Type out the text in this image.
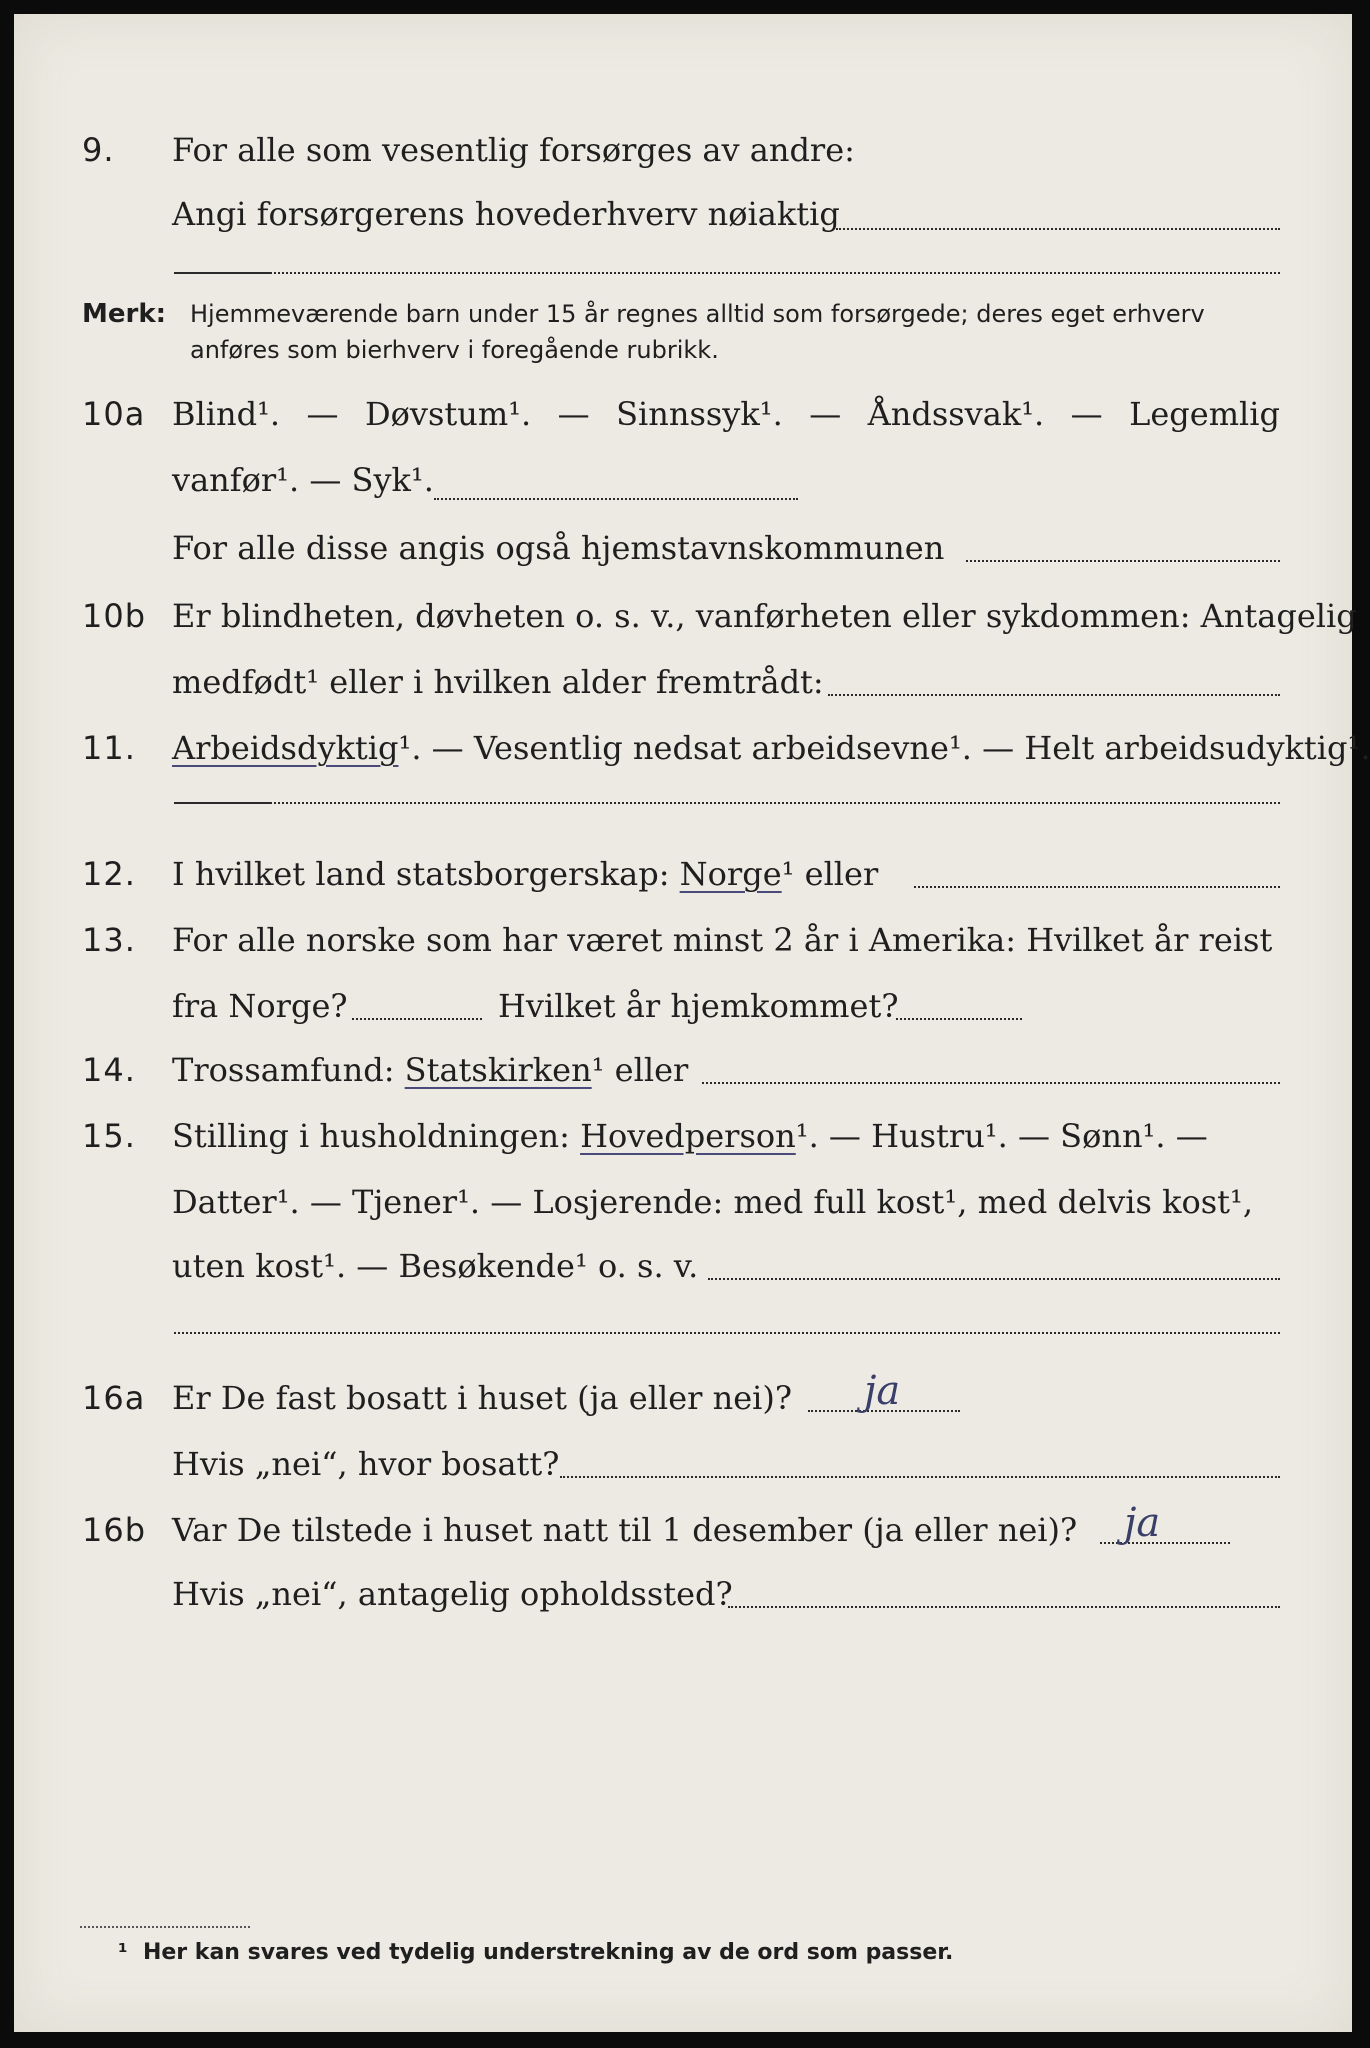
9. For alle som vesentlig forsørges av andre:
Angi forsørgerens hovederhverv nøiaktig
Merk: Hjemmeværende barn under 15 år regnes alltid som forsørgede; deres eget erhverv
anføres som bierhverv i foregående rubrikk.
10a Blind¹. — Døvstum¹. — Sinnssyk¹. — Åndssvak¹. — Legemlig
vanfør¹. — Syk¹.
For alle disse angis også hjemstavnskommunen
10b Er blindheten, døvheten o. s. v., vanførheten eller sykdommen: Antagelig
medfødt¹ eller i hvilken alder fremtrådt:
11. Arbeidsdyktig¹. — Vesentlig nedsat arbeidsevne¹. — Helt arbeidsudyktig¹.
12. I hvilket land statsborgerskap: Norge¹ eller
13. For alle norske som har været minst 2 år i Amerika: Hvilket år reist
fra Norge?	Hvilket år hjemkommet?
14. Trossamfund: Statskirken¹ eller
15. Stilling i husholdningen: Hovedperson¹. — Hustru¹. — Sønn¹. —
Datter¹. — Tjener¹. — Losjerende: med full kost¹, med delvis kost¹,
uten kost¹. — Besøkende¹ o. s. v.
16a Er De fast bosatt i huset (ja eller nei)? ja
Hvis „nei“, hvor bosatt?
16b Var De tilstede i huset natt til 1 desember (ja eller nei)? ja
Hvis „nei“, antagelig opholdssted?
¹ Her kan svares ved tydelig understrekning av de ord som passer.
